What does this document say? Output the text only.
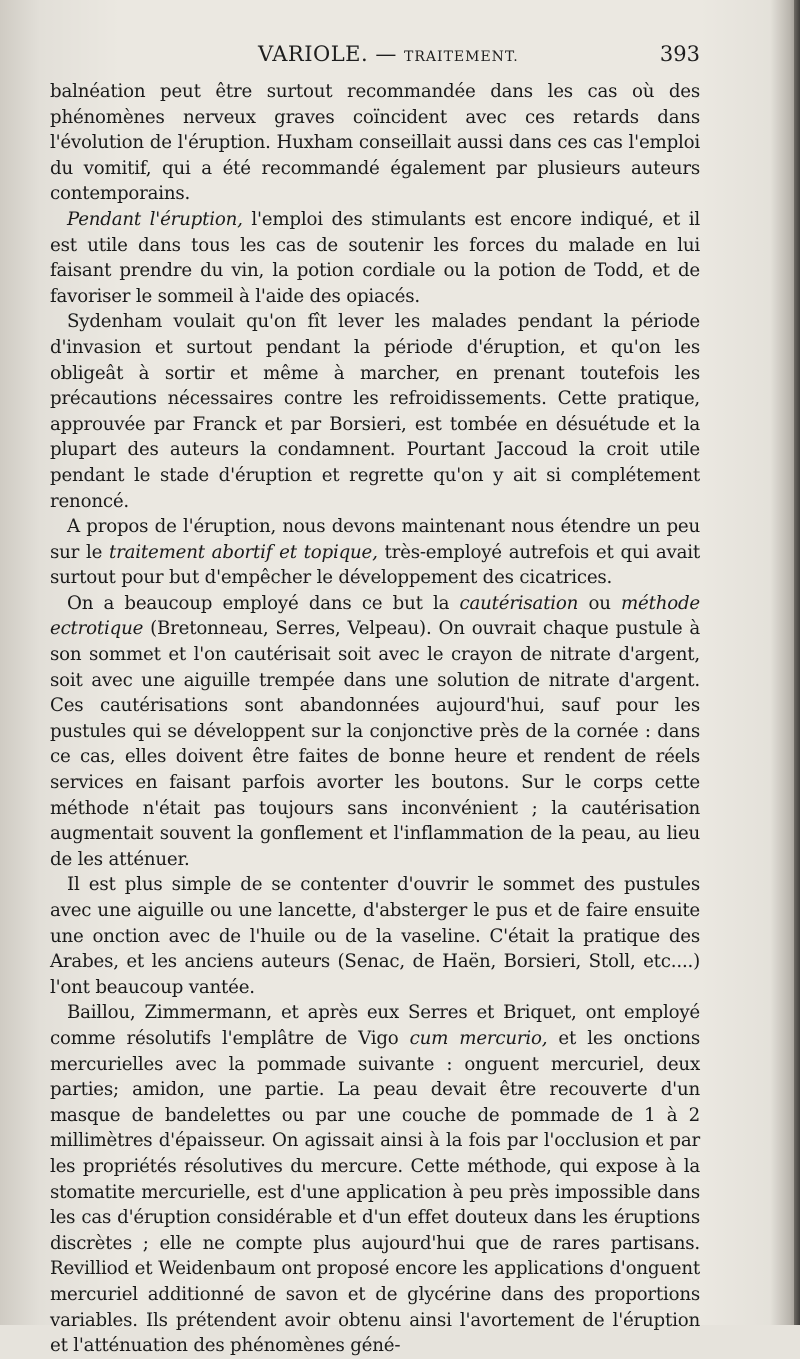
VARIOLE. — TRAITEMENT.	393

balnéation peut être surtout recommandée dans les cas où des phénomènes nerveux graves coïncident avec ces retards dans l'évolution de l'éruption. Huxham conseillait aussi dans ces cas l'emploi du vomitif, qui a été recommandé également par plusieurs auteurs contemporains.

Pendant l'éruption, l'emploi des stimulants est encore indiqué, et il est utile dans tous les cas de soutenir les forces du malade en lui faisant prendre du vin, la potion cordiale ou la potion de Todd, et de favoriser le sommeil à l'aide des opiacés.

Sydenham voulait qu'on fît lever les malades pendant la période d'invasion et surtout pendant la période d'éruption, et qu'on les obligeât à sortir et même à marcher, en prenant toutefois les précautions nécessaires contre les refroidissements. Cette pratique, approuvée par Franck et par Borsieri, est tombée en désuétude et la plupart des auteurs la condamnent. Pourtant Jaccoud la croit utile pendant le stade d'éruption et regrette qu'on y ait si complétement renoncé.

A propos de l'éruption, nous devons maintenant nous étendre un peu sur le traitement abortif et topique, très-employé autrefois et qui avait surtout pour but d'empêcher le développement des cicatrices.

On a beaucoup employé dans ce but la cautérisation ou méthode ectrotique (Bretonneau, Serres, Velpeau). On ouvrait chaque pustule à son sommet et l'on cautérisait soit avec le crayon de nitrate d'argent, soit avec une aiguille trempée dans une solution de nitrate d'argent. Ces cautérisations sont abandonnées aujourd'hui, sauf pour les pustules qui se développent sur la conjonctive près de la cornée : dans ce cas, elles doivent être faites de bonne heure et rendent de réels services en faisant parfois avorter les boutons. Sur le corps cette méthode n'était pas toujours sans inconvénient ; la cautérisation augmentait souvent la gonflement et l'inflammation de la peau, au lieu de les atténuer.

Il est plus simple de se contenter d'ouvrir le sommet des pustules avec une aiguille ou une lancette, d'absterger le pus et de faire ensuite une onction avec de l'huile ou de la vaseline. C'était la pratique des Arabes, et les anciens auteurs (Senac, de Haën, Borsieri, Stoll, etc....) l'ont beaucoup vantée.

Baillou, Zimmermann, et après eux Serres et Briquet, ont employé comme résolutifs l'emplâtre de Vigo cum mercurio, et les onctions mercurielles avec la pommade suivante : onguent mercuriel, deux parties; amidon, une partie. La peau devait être recouverte d'un masque de bandelettes ou par une couche de pommade de 1 à 2 millimètres d'épaisseur. On agissait ainsi à la fois par l'occlusion et par les propriétés résolutives du mercure. Cette méthode, qui expose à la stomatite mercurielle, est d'une application à peu près impossible dans les cas d'éruption considérable et d'un effet douteux dans les éruptions discrètes ; elle ne compte plus aujourd'hui que de rares partisans. Revilliod et Weidenbaum ont proposé encore les applications d'onguent mercuriel additionné de savon et de glycérine dans des proportions variables. Ils prétendent avoir obtenu ainsi l'avortement de l'éruption et l'atténuation des phénomènes géné-
